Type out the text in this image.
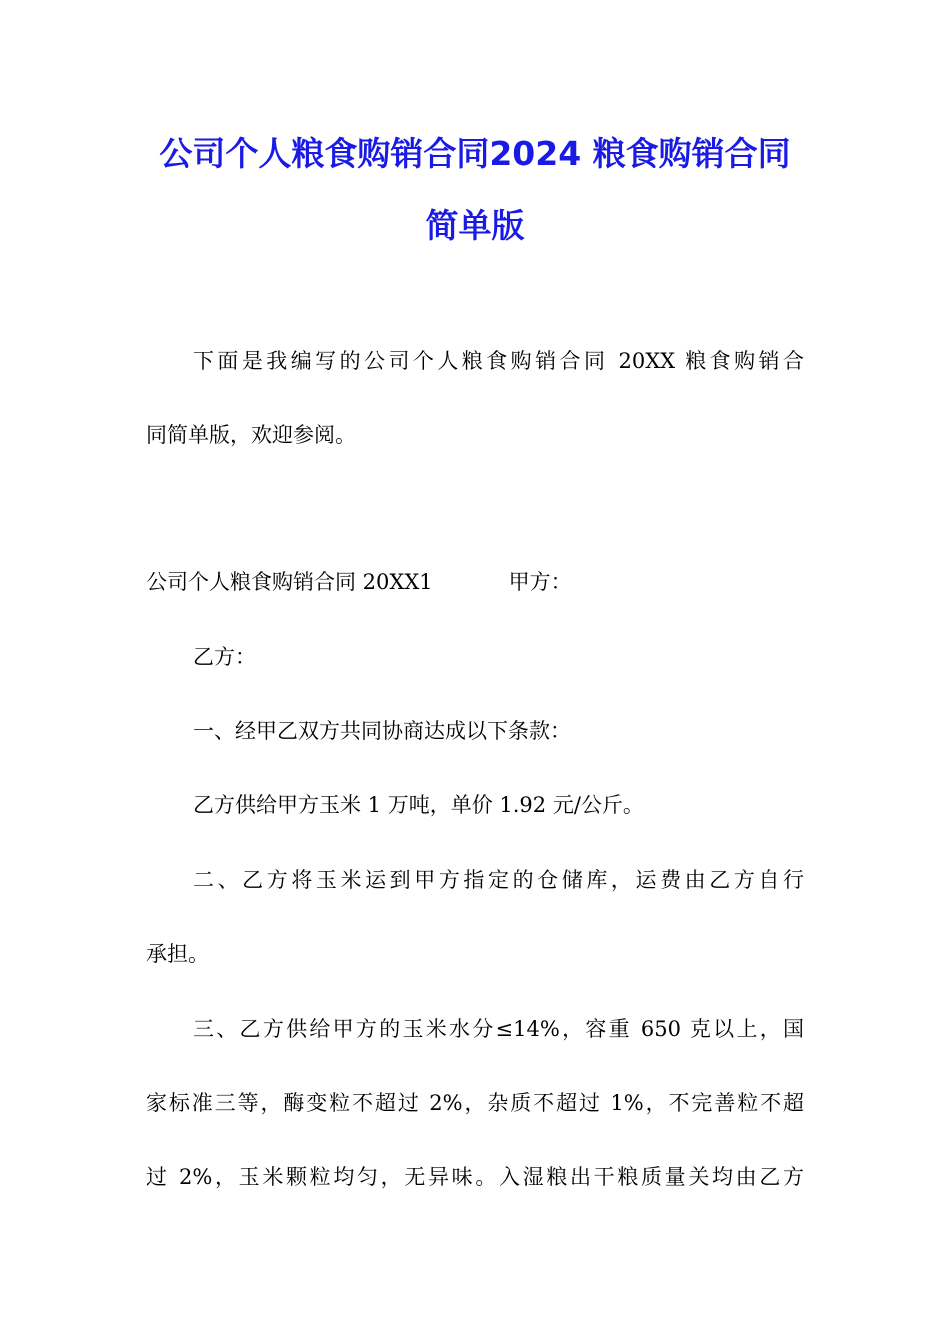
公司个人粮食购销合同2024 粮食购销合同
简单版
下面是我编写的公司个人粮食购销合同 20XX 粮食购销合
同简单版，欢迎参阅。
公司个人粮食购销合同 20XX1	甲方：
乙方：
一、经甲乙双方共同协商达成以下条款：
乙方供给甲方玉米 1 万吨，单价 1.92 元/公斤。
二、乙方将玉米运到甲方指定的仓储库，运费由乙方自行
承担。
三、乙方供给甲方的玉米水分≤14%，容重 650 克以上，国
家标准三等，酶变粒不超过 2%，杂质不超过 1%，不完善粒不超
过 2%，玉米颗粒均匀，无异味。入湿粮出干粮质量关均由乙方
